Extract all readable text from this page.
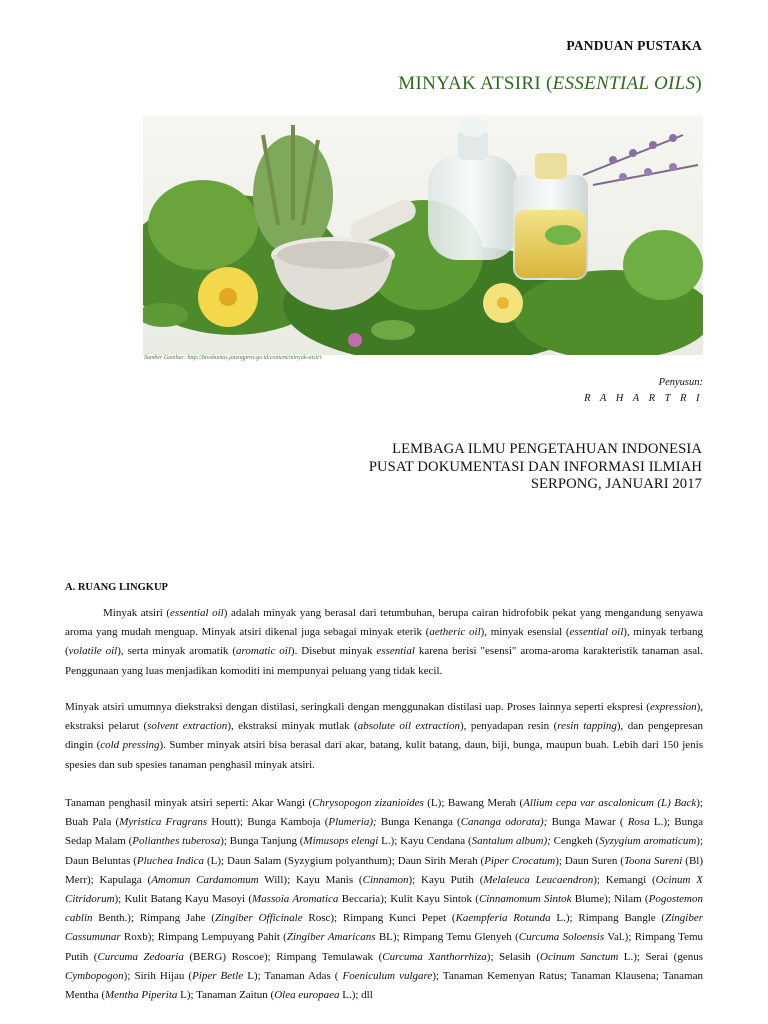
PANDUAN PUSTAKA
MINYAK ATSIRI (ESSENTIAL OILS)
Sumber Gambar: http://biosbumas.jatengprov.go.id/content/minyak-atsiri
Penyusun:
R A H A R T R I
LEMBAGA ILMU PENGETAHUAN INDONESIA
PUSAT DOKUMENTASI DAN INFORMASI ILMIAH
SERPONG, JANUARI 2017
A. RUANG LINGKUP

Minyak atsiri (essential oil) adalah minyak yang berasal dari tetumbuhan, berupa cairan hidrofobik pekat yang mengandung senyawa aroma yang mudah menguap. Minyak atsiri dikenal juga sebagai minyak eterik (aetheric oil), minyak esensial (essential oil), minyak terbang (volatile oil), serta minyak aromatik (aromatic oil). Disebut minyak essential karena berisi "esensi" aroma-aroma karakteristik tanaman asal. Penggunaan yang luas menjadikan komoditi ini mempunyai peluang yang tidak kecil.

Minyak atsiri umumnya diekstraksi dengan distilasi, seringkali dengan menggunakan distilasi uap. Proses lainnya seperti ekspresi (expression), ekstraksi pelarut (solvent extraction), ekstraksi minyak mutlak (absolute oil extraction), penyadapan resin (resin tapping), dan pengepresan dingin (cold pressing). Sumber minyak atsiri bisa berasal dari akar, batang, kulit batang, daun, biji, bunga, maupun buah. Lebih dari 150 jenis spesies dan sub spesies tanaman penghasil minyak atsiri.

Tanaman penghasil minyak atsiri seperti: Akar Wangi (Chrysopogon zizanioides (L); Bawang Merah (Allium cepa var ascalonicum (L) Back); Buah Pala (Myristica Fragrans Houtt); Bunga Kamboja (Plumeria); Bunga Kenanga (Cananga odorata); Bunga Mawar ( Rosa L.); Bunga Sedap Malam (Polianthes tuberosa); Bunga Tanjung (Mimusops elengi L.); Kayu Cendana (Santalum album); Cengkeh (Syzygium aromaticum); Daun Beluntas (Pluchea Indica (L); Daun Salam (Syzygium polyanthum); Daun Sirih Merah (Piper Crocatum); Daun Suren (Toona Sureni (Bl) Merr); Kapulaga (Amomun Cardamomum Will); Kayu Manis (Cinnamon); Kayu Putih (Melaleuca Leucaendron); Kemangi (Ocinum X Citridorum); Kulit Batang Kayu Masoyi (Massoia Aromatica Beccaria); Kulit Kayu Sintok (Cinnamomum Sintok Blume); Nilam (Pogostemon cablin Benth.); Rimpang Jahe (Zingiber Officinale Rosc); Rimpang Kunci Pepet (Kaempferia Rotunda L.); Rimpang Bangle (Zingiber Cassumunar Roxb); Rimpang Lempuyang Pahit (Zingiber Amaricans BL); Rimpang Temu Glenyeh (Curcuma Soloensis Val.); Rimpang Temu Putih (Curcuma Zedoaria (BERG) Roscoe); Rimpang Temulawak (Curcuma Xanthorrhiza); Selasih (Ocinum Sanctum L.); Serai (genus Cymbopogon); Sirih Hijau (Piper Betle L); Tanaman Adas ( Foeniculum vulgare); Tanaman Kemenyan Ratus; Tanaman Klausena; Tanaman Mentha (Mentha Piperita L); Tanaman Zaitun (Olea europaea L.); dll
